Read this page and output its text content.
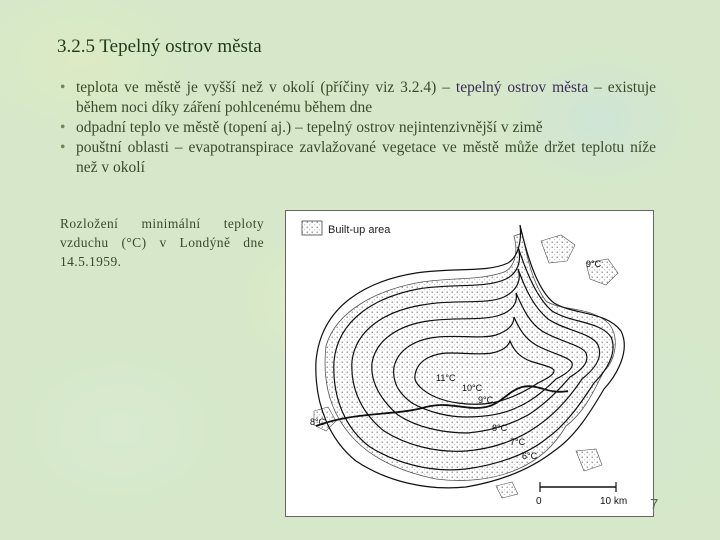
3.2.5 Tepelný ostrov města
• teplota ve městě je vyšší než v okolí (příčiny viz 3.2.4) – tepelný ostrov města – existuje během noci díky záření pohlcenému během dne
• odpadní teplo ve městě (topení aj.) – tepelný ostrov nejintenzivnější v zimě
• pouštní oblasti – evapotranspirace zavlažované vegetace ve městě může držet teplotu níže než v okolí
Rozložení minimální teploty vzduchu (°C) v Londýně dne 14.5.1959.
Built-up area
11°C
10°C
9°C
8°C
7°C
6°C
8°C
9°C
0	10 km 7
